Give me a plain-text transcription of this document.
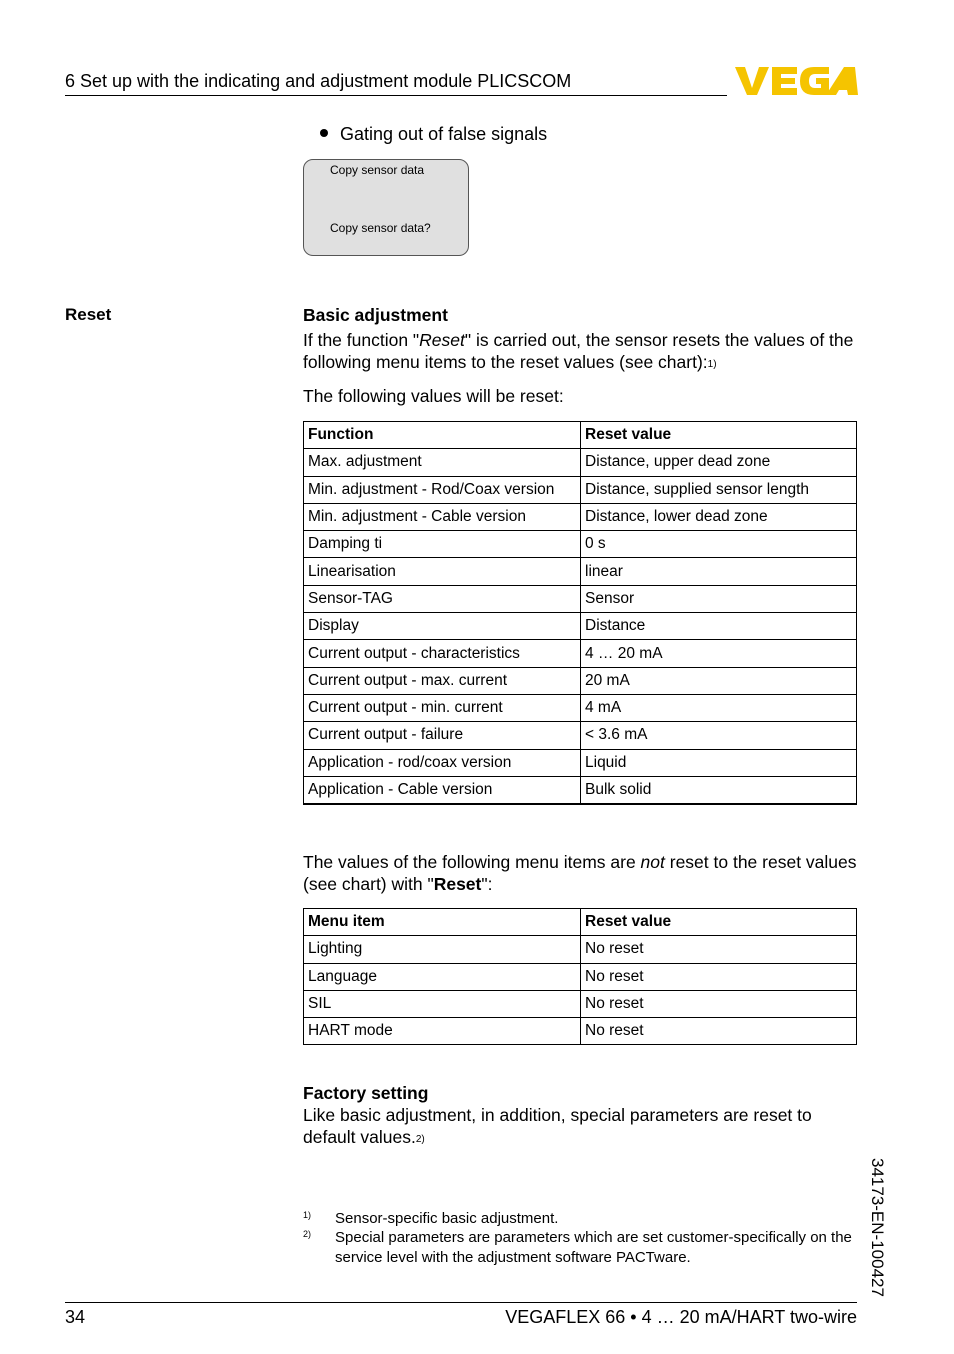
6 Set up with the indicating and adjustment module PLICSCOM
Gating out of false signals
Copy sensor data
Copy sensor data?
Reset	Basic adjustment
If the function "Reset" is carried out, the sensor resets the values of the following menu items to the reset values (see chart):$^{1)}$
The following values will be reset:
Function	Reset value
Max. adjustment	Distance, upper dead zone
Min. adjustment - Rod/Coax version	Distance, supplied sensor length
Min. adjustment - Cable version	Distance, lower dead zone
Damping ti	0 s
Linearisation	linear
Sensor-TAG	Sensor
Display	Distance
Current output - characteristics	4 … 20 mA
Current output - max. current	20 mA
Current output - min. current	4 mA
Current output - failure	< 3.6 mA
Application - rod/coax version	Liquid
Application - Cable version	Bulk solid
The values of the following menu items are not reset to the reset values (see chart) with "Reset":
Menu item	Reset value
Lighting	No reset
Language	No reset
SIL	No reset
HART mode	No reset
Factory setting
Like basic adjustment, in addition, special parameters are reset to default values.$^{2)}$
1) Sensor-specific basic adjustment.
2) Special parameters are parameters which are set customer-specifically on the service level with the adjustment software PACTware.	34173-EN-100427
34	VEGAFLEX 66 • 4 … 20 mA/HART two-wire
